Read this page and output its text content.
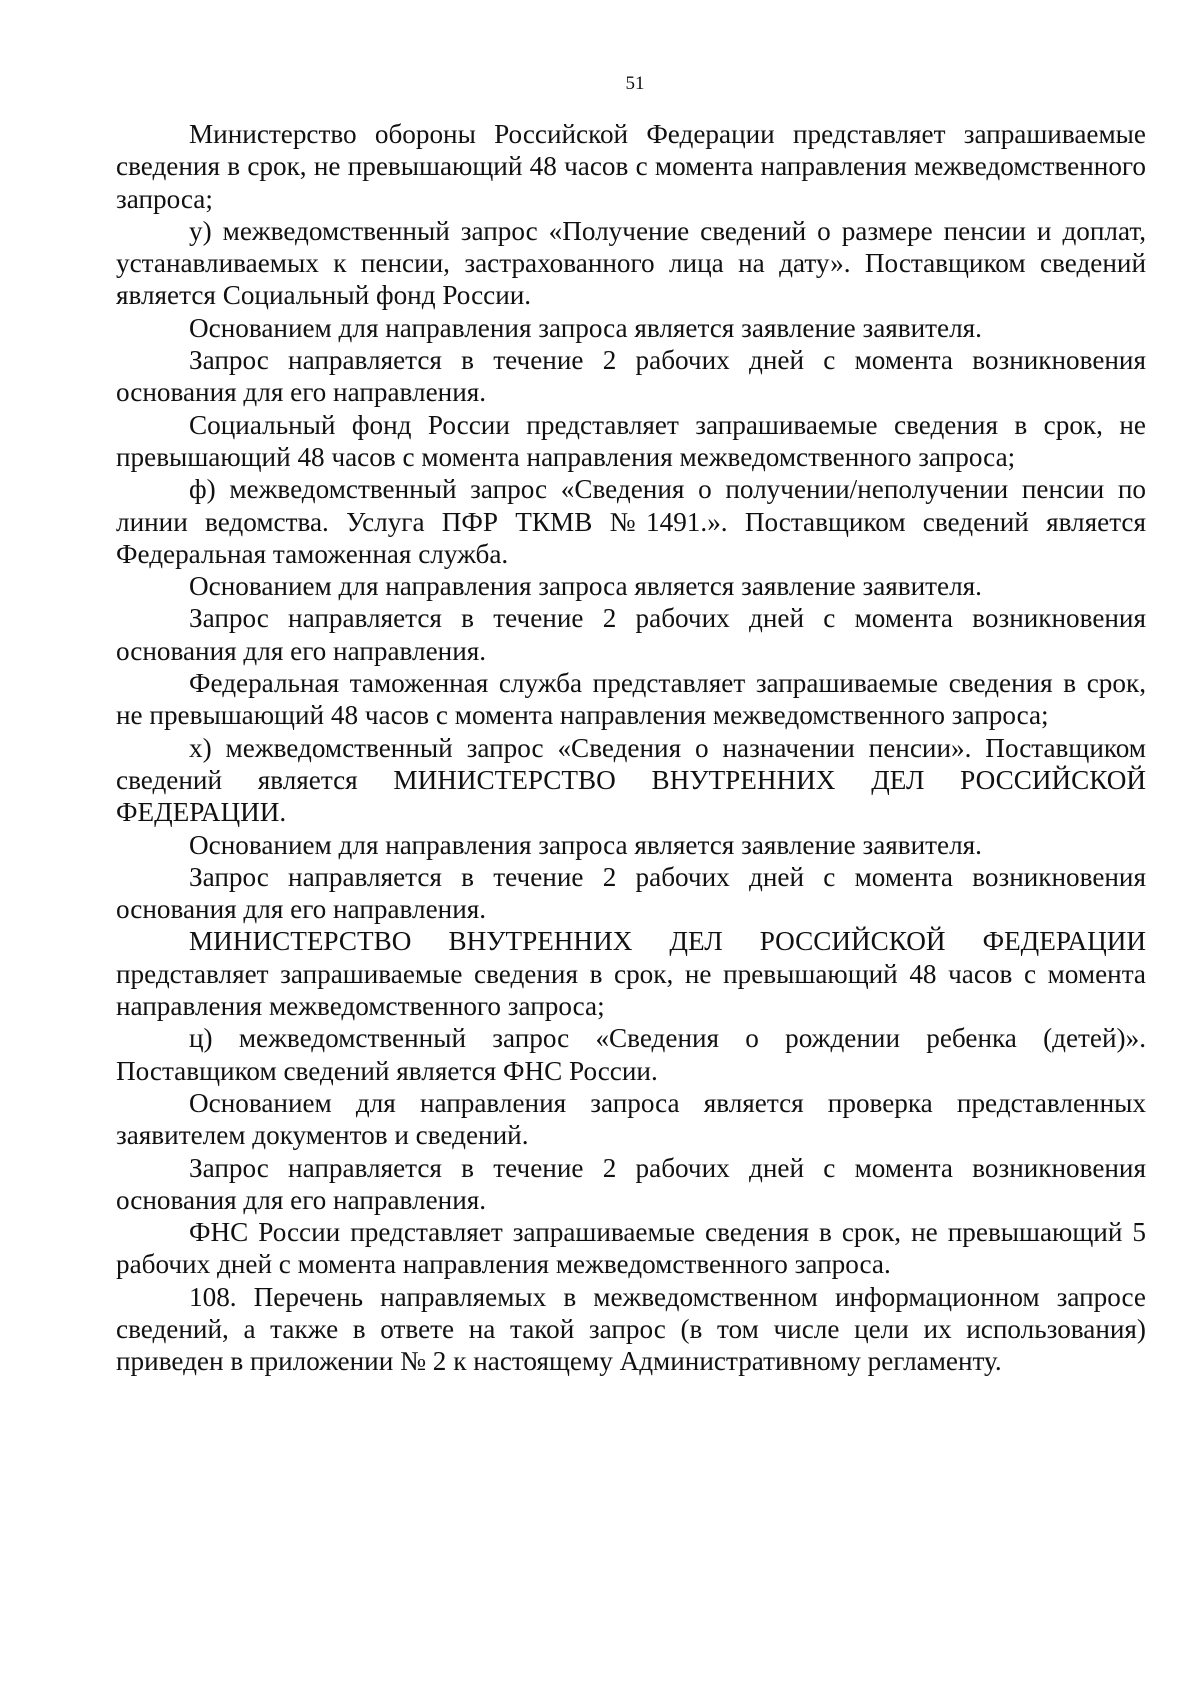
51

Министерство обороны Российской Федерации представляет запрашиваемые сведения в срок, не превышающий 48 часов с момента направления межведомственного запроса;

у) межведомственный запрос «Получение сведений о размере пенсии и доплат, устанавливаемых к пенсии, застрахованного лица на дату». Поставщиком сведений является Социальный фонд России.

Основанием для направления запроса является заявление заявителя.

Запрос направляется в течение 2 рабочих дней с момента возникновения основания для его направления.

Социальный фонд России представляет запрашиваемые сведения в срок, не превышающий 48 часов с момента направления межведомственного запроса;

ф) межведомственный запрос «Сведения о получении/неполучении пенсии по линии ведомства. Услуга ПФР ТКМВ №1491.». Поставщиком сведений является Федеральная таможенная служба.

Основанием для направления запроса является заявление заявителя.

Запрос направляется в течение 2 рабочих дней с момента возникновения основания для его направления.

Федеральная таможенная служба представляет запрашиваемые сведения в срок, не превышающий 48 часов с момента направления межведомственного запроса;

х) межведомственный запрос «Сведения о назначении пенсии». Поставщиком сведений является МИНИСТЕРСТВО ВНУТРЕННИХ ДЕЛ РОССИЙСКОЙ ФЕДЕРАЦИИ.

Основанием для направления запроса является заявление заявителя.

Запрос направляется в течение 2 рабочих дней с момента возникновения основания для его направления.

МИНИСТЕРСТВО ВНУТРЕННИХ ДЕЛ РОССИЙСКОЙ ФЕДЕРАЦИИ представляет запрашиваемые сведения в срок, не превышающий 48 часов с момента направления межведомственного запроса;

ц) межведомственный запрос «Сведения о рождении ребенка (детей)». Поставщиком сведений является ФНС России.

Основанием для направления запроса является проверка представленных заявителем документов и сведений.

Запрос направляется в течение 2 рабочих дней с момента возникновения основания для его направления.

ФНС России представляет запрашиваемые сведения в срок, не превышающий 5 рабочих дней с момента направления межведомственного запроса.

108. Перечень направляемых в межведомственном информационном запросе сведений, а также в ответе на такой запрос (в том числе цели их использования) приведен в приложении № 2 к настоящему Административному регламенту.
